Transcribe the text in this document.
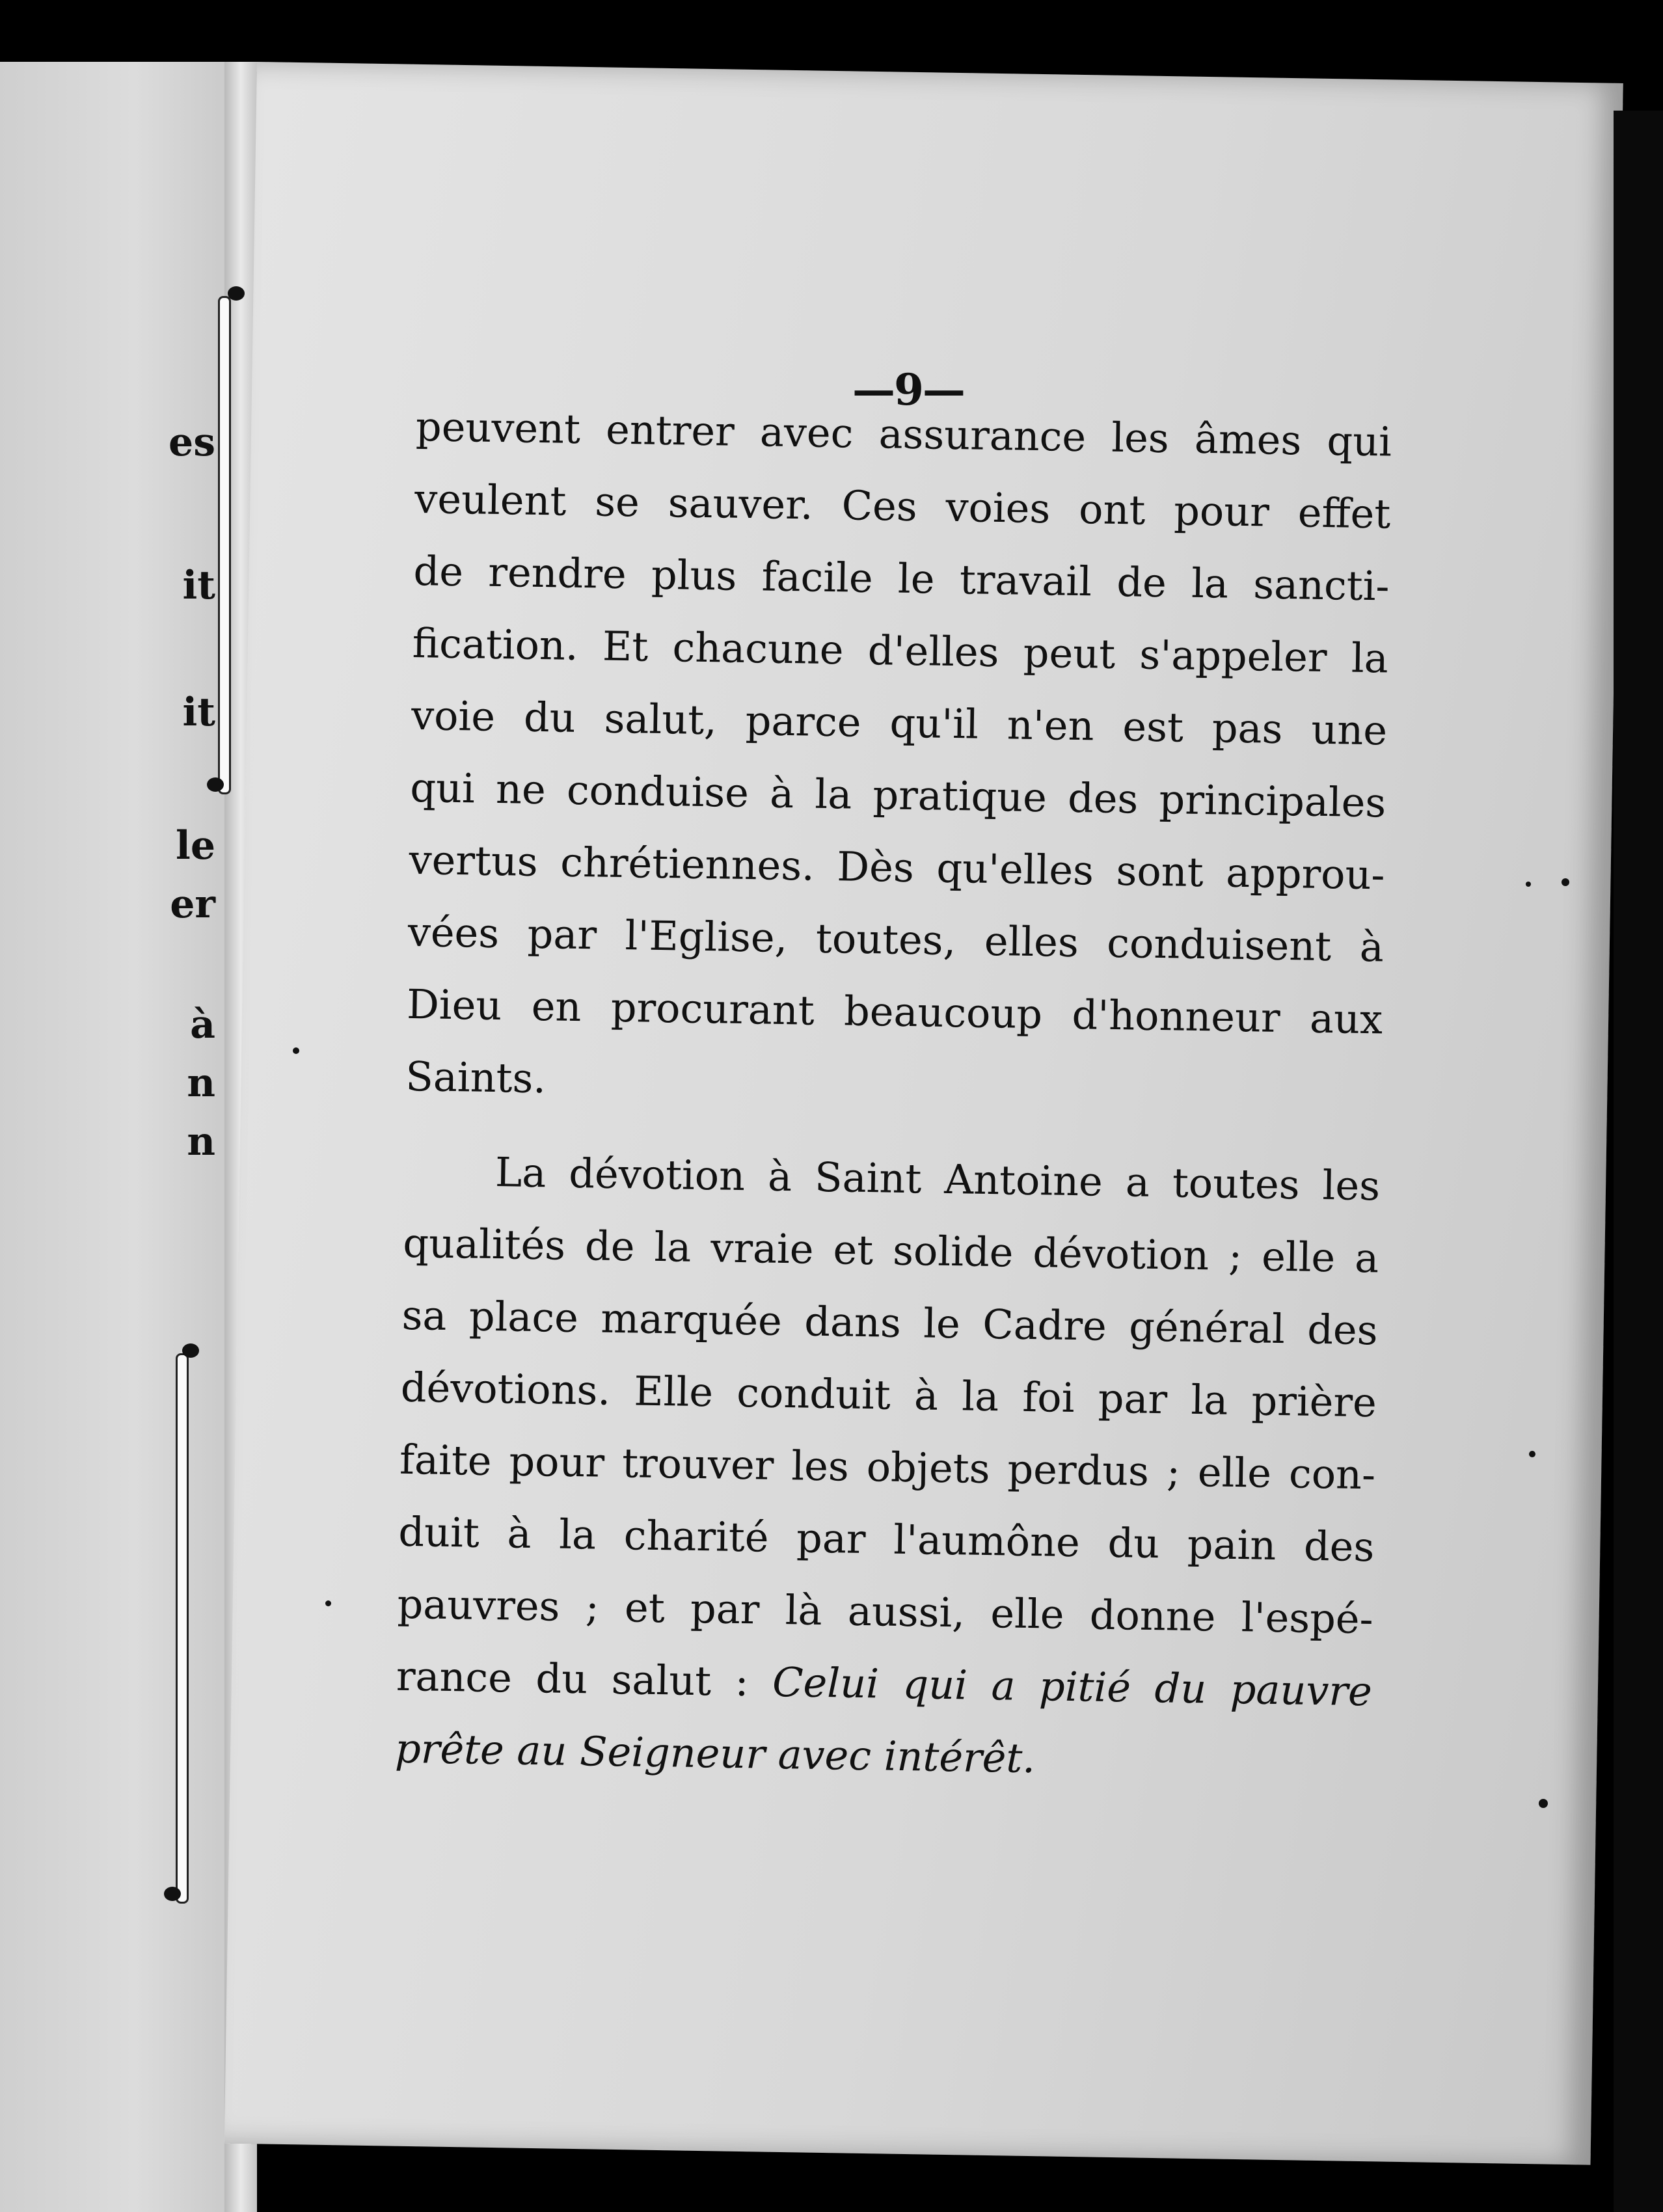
es
it
it
le
er
à
n
n
—9—
peuvent entrer avec assurance les âmes qui
veulent se sauver. Ces voies ont pour effet
de rendre plus facile le travail de la sancti-
fication. Et chacune d'elles peut s'appeler la
voie du salut, parce qu'il n'en est pas une
qui ne conduise à la pratique des principales
vertus chrétiennes. Dès qu'elles sont approu-
vées par l'Eglise, toutes, elles conduisent à
Dieu en procurant beaucoup d'honneur aux
Saints.
La dévotion à Saint Antoine a toutes les
qualités de la vraie et solide dévotion ; elle a
sa place marquée dans le Cadre général des
dévotions. Elle conduit à la foi par la prière
faite pour trouver les objets perdus ; elle con-
duit à la charité par l'aumône du pain des
pauvres ; et par là aussi, elle donne l'espé-
rance du salut : Celui qui a pitié du pauvre
prête au Seigneur avec intérêt.
